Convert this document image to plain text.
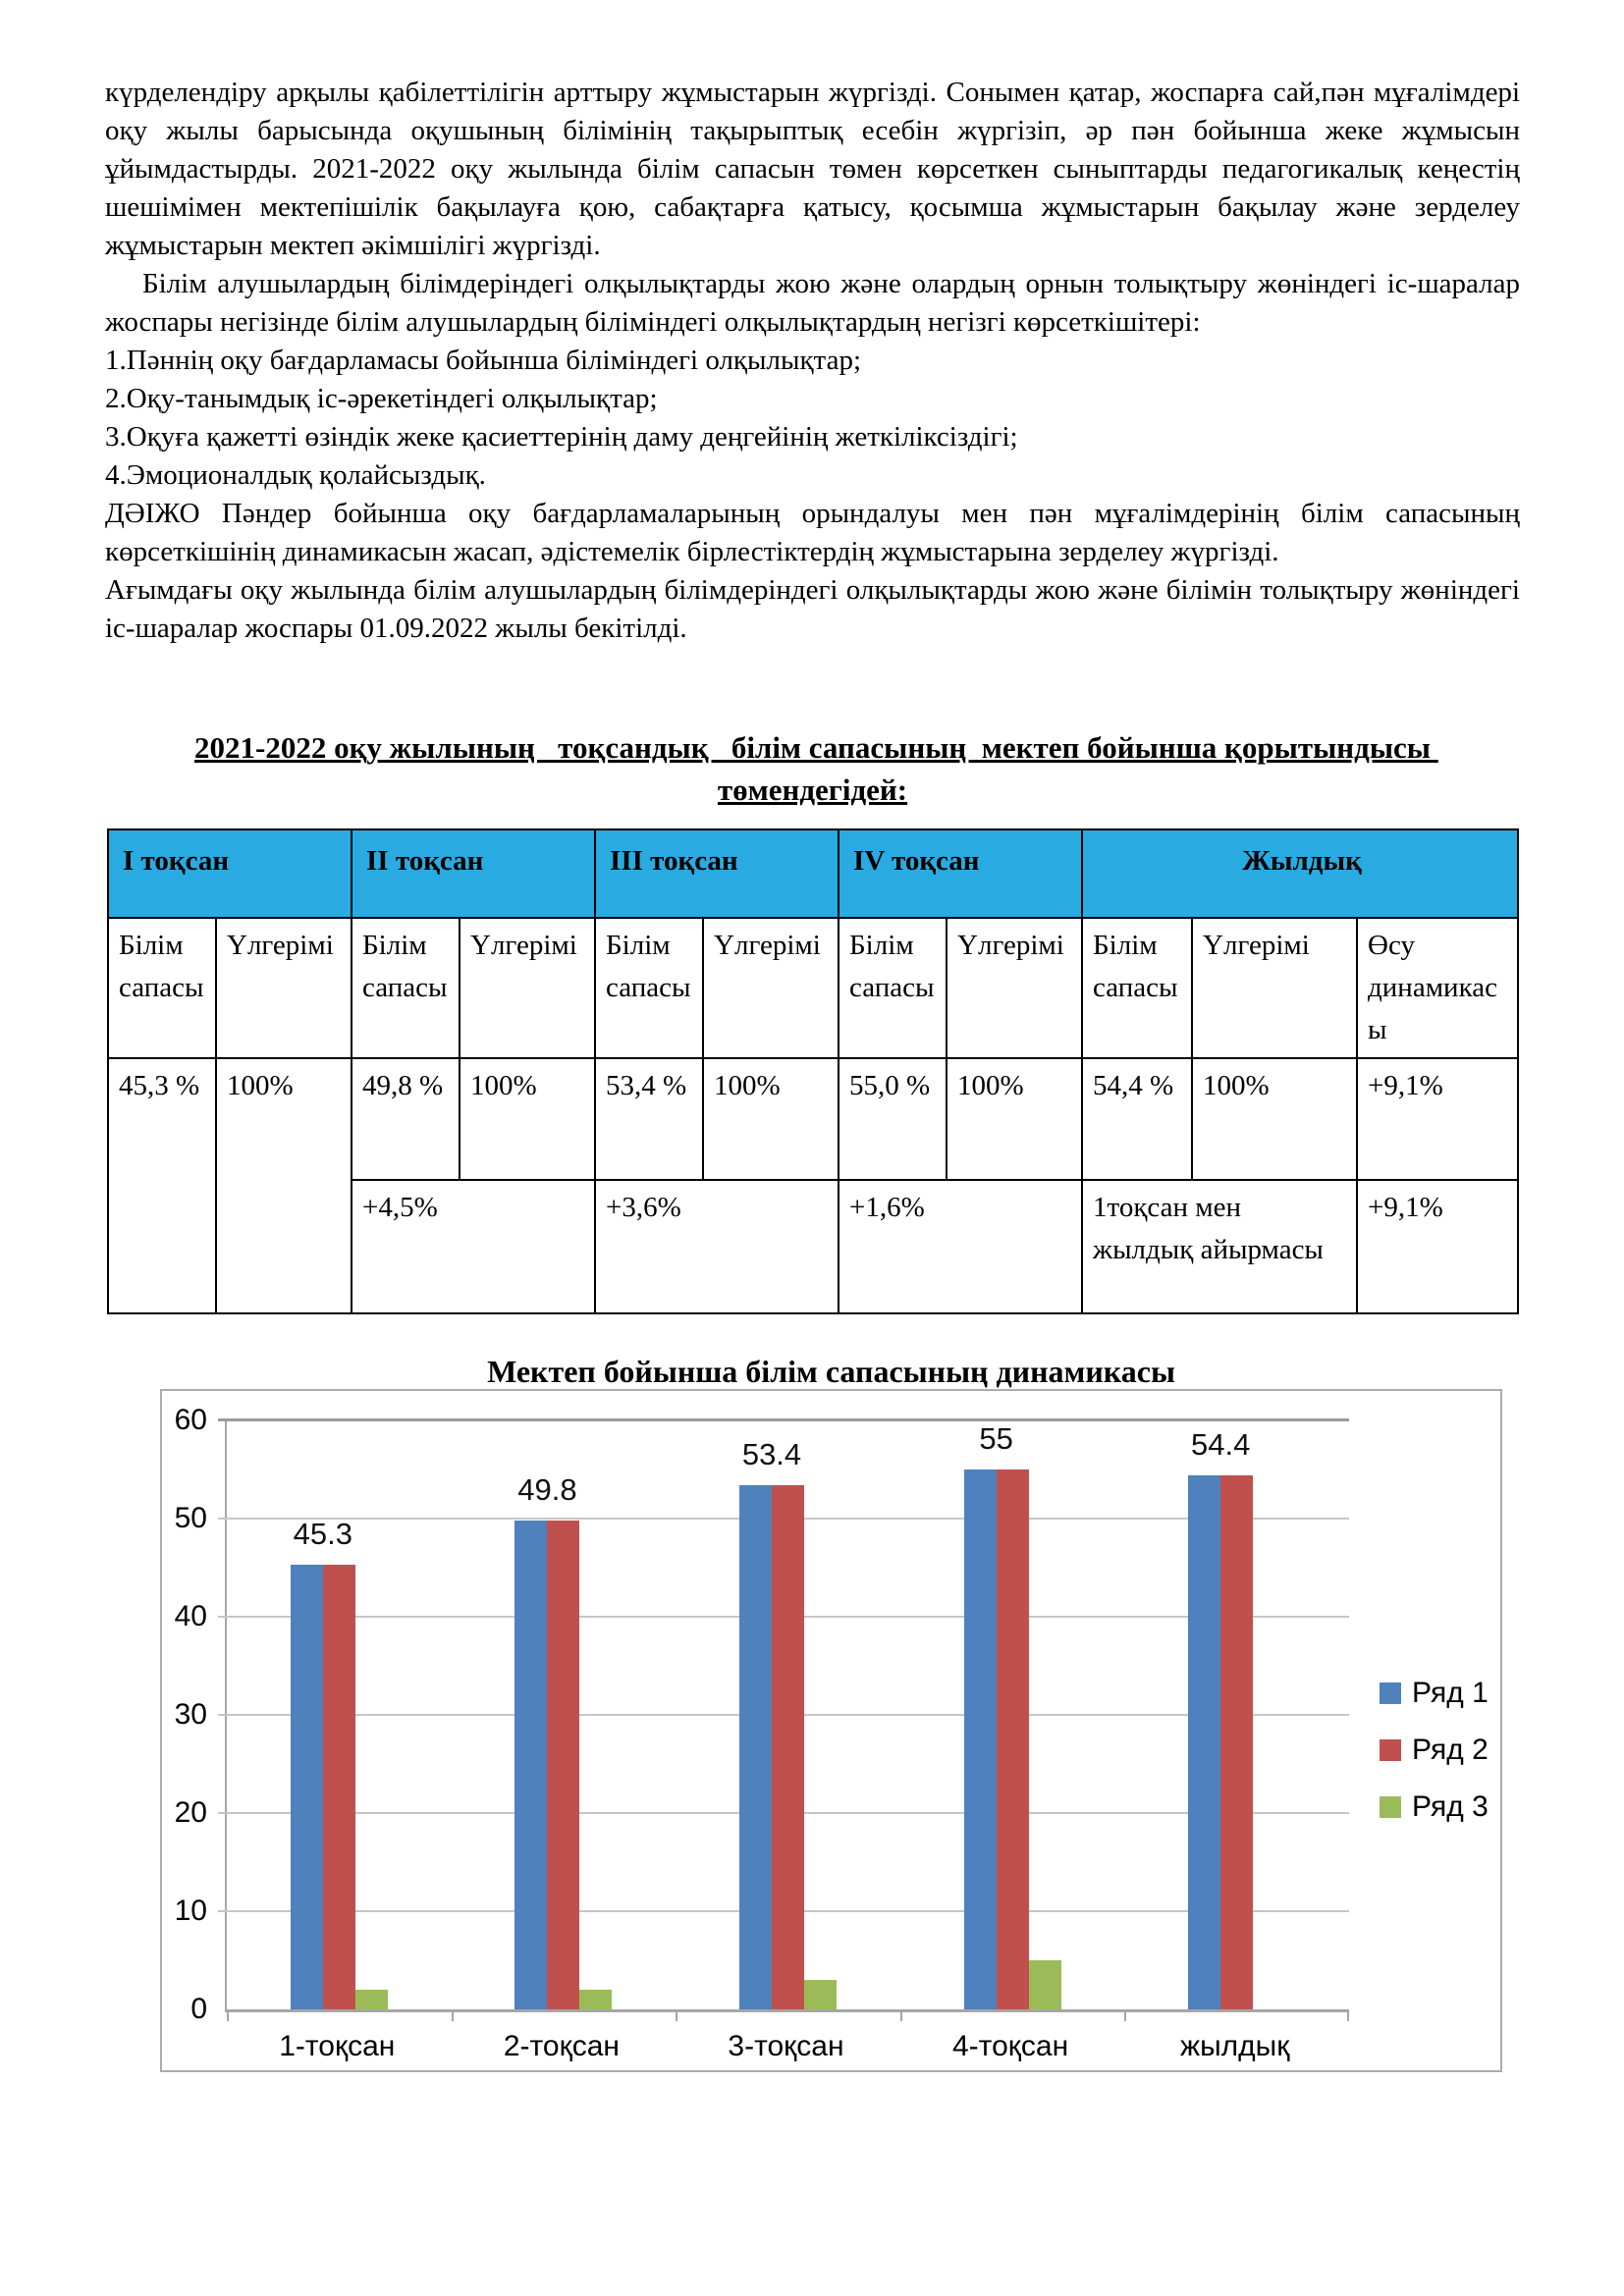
күрделендіру арқылы қабілеттілігін арттыру жұмыстарын жүргізді. Сонымен қатар, жоспарға сай,пән мұғалімдері оқу жылы барысында оқушының білімінің тақырыптық есебін жүргізіп, әр пән бойынша жеке жұмысын ұйымдастырды. 2021-2022 оқу жылында білім сапасын төмен көрсеткен сыныптарды педагогикалық кеңестің шешімімен мектепішілік бақылауға қою, сабақтарға қатысу, қосымша жұмыстарын бақылау және зерделеу жұмыстарын мектеп әкімшілігі жүргізді.

Білім алушылардың білімдеріндегі олқылықтарды жою және олардың орнын толықтыру жөніндегі іс-шаралар жоспары негізінде білім алушылардың біліміндегі олқылықтардың негізгі көрсеткішітері:

1.Пәннің оқу бағдарламасы бойынша біліміндегі олқылықтар;

2.Оқу-танымдық іс-әрекетіндегі олқылықтар;

3.Оқуға қажетті өзіндік жеке қасиеттерінің даму деңгейінің жеткіліксіздігі;

4.Эмоционалдық қолайсыздық.

ДӘІЖО Пәндер бойынша оқу бағдарламаларының орындалуы мен пән мұғалімдерінің білім сапасының көрсеткішінің динамикасын жасап, әдістемелік бірлестіктердің жұмыстарына зерделеу жүргізді.

Ағымдағы оқу жылында білім алушылардың білімдеріндегі олқылықтарды жою және білімін толықтыру жөніндегі іс-шаралар жоспары 01.09.2022 жылы бекітілді.

2021-2022 оқу жылының   тоқсандық   білім сапасының  мектеп бойынша қорытындысы төмендегідей:
І тоқсан		ІІ тоқсан		ІІІ тоқсан		ІV тоқсан		Жылдық		
Білім сапасы	Үлгерімі	Білім сапасы	Үлгерімі	Білім сапасы	Үлгерімі	Білім сапасы	Үлгерімі	Білім сапасы	Үлгерімі	Өсу динамикасы
45,3 %	100%	49,8 %	100%	53,4 %	100%	55,0 %	100%	54,4 %	100%	+9,1%
		+4,5%		+3,6%		+1,6%		1тоқсан мен жылдық айырмасы		+9,1%
Мектеп бойынша білім сапасының динамикасы
0
10
20
30
40
50
60
45.3
49.8
53.4	55	54.4
1-тоқсан	2-тоқсан	3-тоқсан	4-тоқсан	жылдық
Ряд 1
Ряд 2
Ряд 3
